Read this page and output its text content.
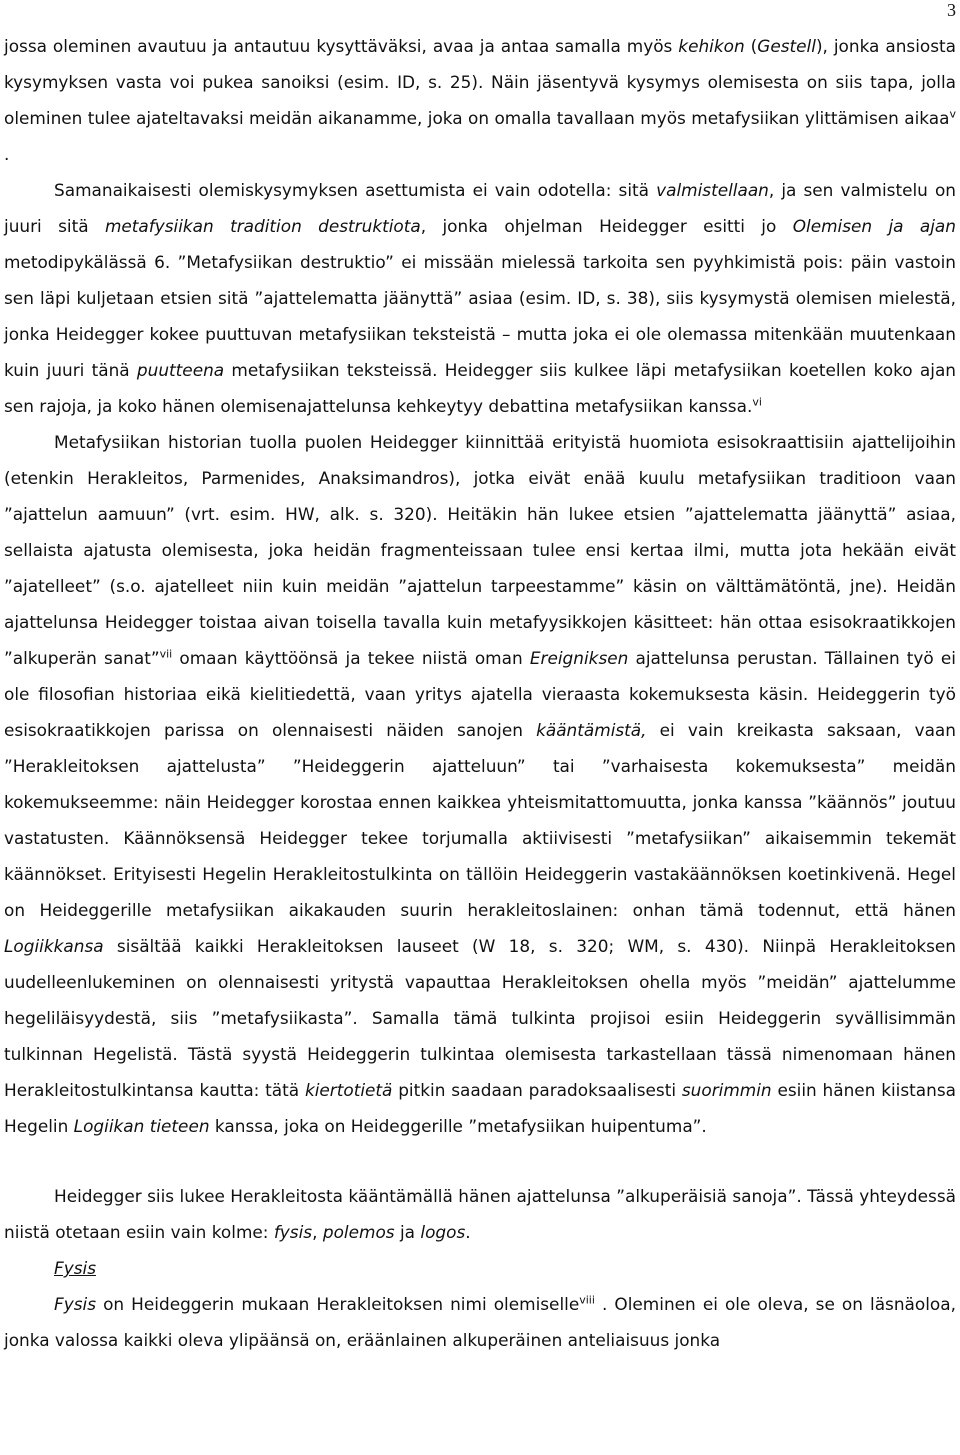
3

jossa oleminen avautuu ja antautuu kysyttäväksi, avaa ja antaa samalla myös kehikon (Gestell), jonka ansiosta kysymyksen vasta voi pukea sanoiksi (esim. ID, s. 25). Näin jäsentyvä kysymys olemisesta on siis tapa, jolla oleminen tulee ajateltavaksi meidän aikanamme, joka on omalla tavallaan myös metafysiikan ylittämisen aikaa$^v$ .

Samanaikaisesti olemiskysymyksen asettumista ei vain odotella: sitä valmistellaan, ja sen valmistelu on juuri sitä metafysiikan tradition destruktiota, jonka ohjelman Heidegger esitti jo Olemisen ja ajan metodipykälässä 6. ”Metafysiikan destruktio” ei missään mielessä tarkoita sen pyyhkimistä pois: päin vastoin sen läpi kuljetaan etsien sitä ”ajattelematta jäänyttä” asiaa (esim. ID, s. 38), siis kysymystä olemisen mielestä, jonka Heidegger kokee puuttuvan metafysiikan teksteistä – mutta joka ei ole olemassa mitenkään muutenkaan kuin juuri tänä puutteena metafysiikan teksteissä. Heidegger siis kulkee läpi metafysiikan koetellen koko ajan sen rajoja, ja koko hänen olemisenajattelunsa kehkeytyy debattina metafysiikan kanssa.$^{vi}$

Metafysiikan historian tuolla puolen Heidegger kiinnittää erityistä huomiota esisokraattisiin ajattelijoihin (etenkin Herakleitos, Parmenides, Anaksimandros), jotka eivät enää kuulu metafysiikan traditioon vaan ”ajattelun aamuun” (vrt. esim. HW, alk. s. 320). Heitäkin hän lukee etsien ”ajattelematta jäänyttä” asiaa, sellaista ajatusta olemisesta, joka heidän fragmenteissaan tulee ensi kertaa ilmi, mutta jota hekään eivät ”ajatelleet” (s.o. ajatelleet niin kuin meidän ”ajattelun tarpeestamme” käsin on välttämätöntä, jne). Heidän ajattelunsa Heidegger toistaa aivan toisella tavalla kuin metafyysikkojen käsitteet: hän ottaa esisokraatikkojen ”alkuperän sanat”$^{vii}$ omaan käyttöönsä ja tekee niistä oman Ereigniksen ajattelunsa perustan. Tällainen työ ei ole filosofian historiaa eikä kielitiedettä, vaan yritys ajatella vieraasta kokemuksesta käsin. Heideggerin työ esisokraatikkojen parissa on olennaisesti näiden sanojen kääntämistä, ei vain kreikasta saksaan, vaan ”Herakleitoksen ajattelusta” ”Heideggerin ajatteluun” tai ”varhaisesta kokemuksesta” meidän kokemukseemme: näin Heidegger korostaa ennen kaikkea yhteismitattomuutta, jonka kanssa ”käännös” joutuu vastatusten. Käännöksensä Heidegger tekee torjumalla aktiivisesti ”metafysiikan” aikaisemmin tekemät käännökset. Erityisesti Hegelin Herakleitostulkinta on tällöin Heideggerin vastakäännöksen koetinkivenä. Hegel on Heideggerille metafysiikan aikakauden suurin herakleitoslainen: onhan tämä todennut, että hänen Logiikkansa sisältää kaikki Herakleitoksen lauseet (W 18, s. 320; WM, s. 430). Niinpä Herakleitoksen uudelleenlukeminen on olennaisesti yritystä vapauttaa Herakleitoksen ohella myös ”meidän” ajattelumme hegeliläisyydestä, siis ”metafysiikasta”. Samalla tämä tulkinta projisoi esiin Heideggerin syvällisimmän tulkinnan Hegelistä. Tästä syystä Heideggerin tulkintaa olemisesta tarkastellaan tässä nimenomaan hänen Herakleitostulkintansa kautta: tätä kiertotietä pitkin saadaan paradoksaalisesti suorimmin esiin hänen kiistansa Hegelin Logiikan tieteen kanssa, joka on Heideggerille ”metafysiikan huipentuma”.

Heidegger siis lukee Herakleitosta kääntämällä hänen ajattelunsa ”alkuperäisiä sanoja”. Tässä yhteydessä niistä otetaan esiin vain kolme: fysis, polemos ja logos.

Fysis

Fysis on Heideggerin mukaan Herakleitoksen nimi olemiselle$^{viii}$ . Oleminen ei ole oleva, se on läsnäoloa, jonka valossa kaikki oleva ylipäänsä on, eräänlainen alkuperäinen anteliaisuus jonka
